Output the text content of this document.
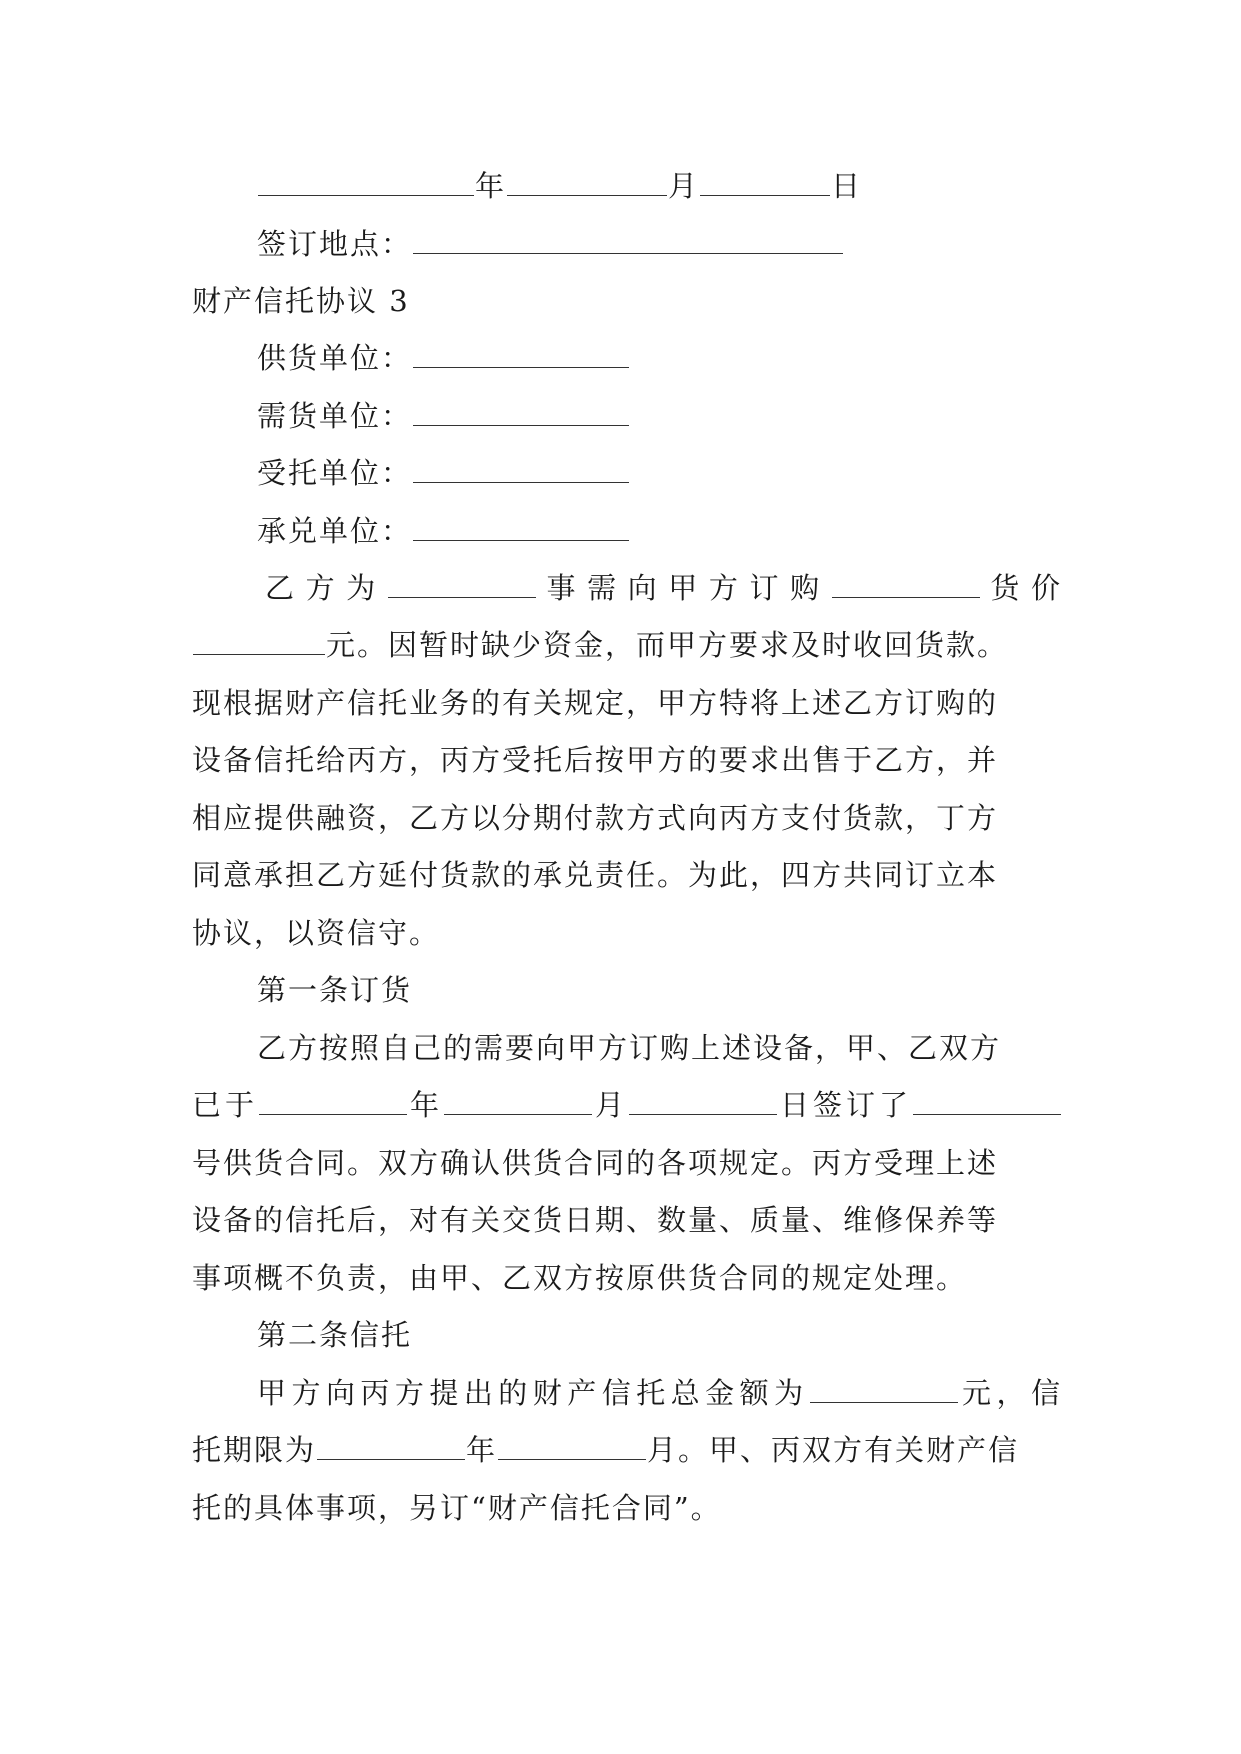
年	月	日
签订地点：
财产信托协议 3
供货单位：
需货单位：
受托单位：
承兑单位：
乙方为	事需向甲方订购	货价
元。因暂时缺少资金，而甲方要求及时收回货款。
现根据财产信托业务的有关规定，甲方特将上述乙方订购的
设备信托给丙方，丙方受托后按甲方的要求出售于乙方，并
相应提供融资，乙方以分期付款方式向丙方支付货款，丁方
同意承担乙方延付货款的承兑责任。为此，四方共同订立本
协议，以资信守。
第一条订货
乙方按照自己的需要向甲方订购上述设备，甲、乙双方
已于	年	月	日签订了
号供货合同。双方确认供货合同的各项规定。丙方受理上述
设备的信托后，对有关交货日期、数量、质量、维修保养等
事项概不负责，由甲、乙双方按原供货合同的规定处理。
第二条信托
甲方向丙方提出的财产信托总金额为	元，信
托期限为	年	月。甲、丙双方有关财产信
托的具体事项，另订“财产信托合同”。
